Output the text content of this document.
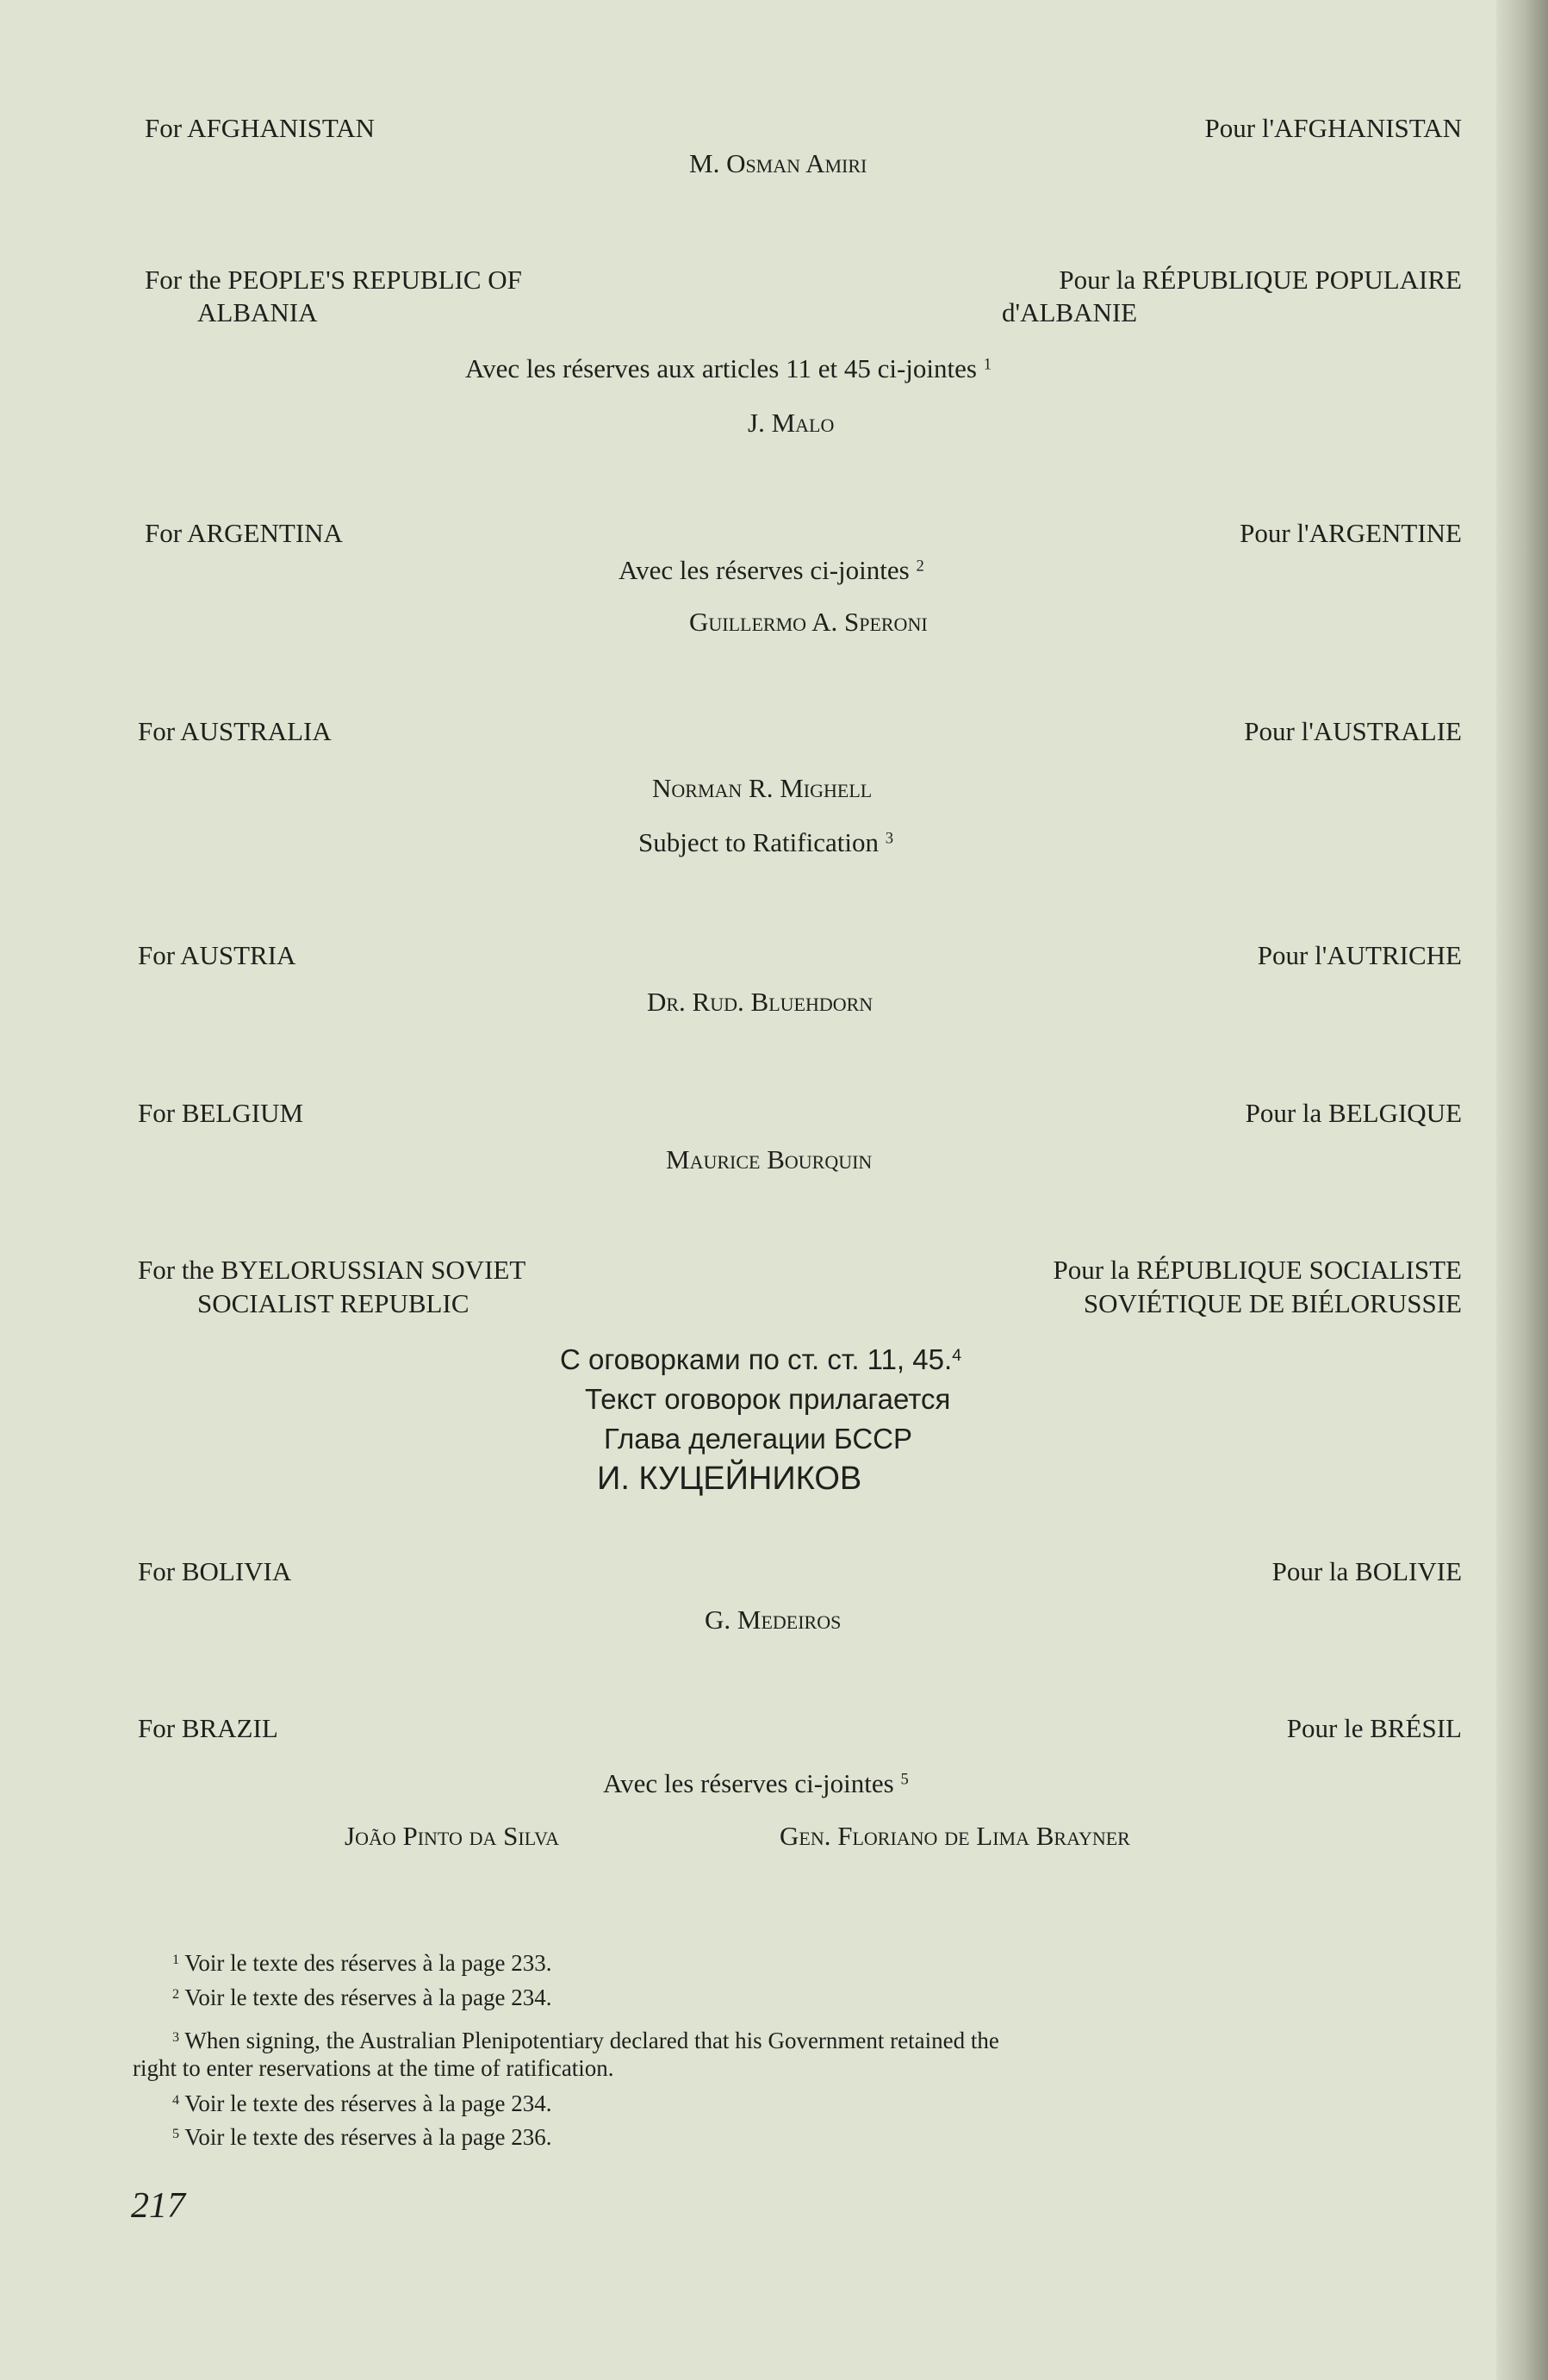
For AFGHANISTAN	Pour l'AFGHANISTAN
M. Osman Amiri
For the PEOPLE'S REPUBLIC OF
ALBANIA
Pour la RÉPUBLIQUE POPULAIRE
d'ALBANIE
Avec les réserves aux articles 11 et 45 ci-jointes $^1$
J. Malo
For ARGENTINA	Pour l'ARGENTINE
Avec les réserves ci-jointes $^2$
Guillermo A. Speroni
For AUSTRALIA	Pour l'AUSTRALIE
Norman R. Mighell
Subject to Ratification $^3$
For AUSTRIA	Pour l'AUTRICHE
Dr. Rud. Bluehdorn
For BELGIUM	Pour la BELGIQUE
Maurice Bourquin
For the BYELORUSSIAN SOVIET
SOCIALIST REPUBLIC
Pour la RÉPUBLIQUE SOCIALISTE
SOVIÉTIQUE DE BIÉLORUSSIE
С оговорками по ст. ст. 11, 45.$^4$
Текст оговорок прилагается
Глава делегации БССР
И. КУЦЕЙНИКОВ
For BOLIVIA	Pour la BOLIVIE
G. Medeiros
For BRAZIL	Pour le BRÉSIL
Avec les réserves ci-jointes $^5$
João Pinto da Silva	Gen. Floriano de Lima Brayner
$^1$ Voir le texte des réserves à la page 233.
$^2$ Voir le texte des réserves à la page 234.
$^3$ When signing, the Australian Plenipotentiary declared that his Government retained the
right to enter reservations at the time of ratification.
$^4$ Voir le texte des réserves à la page 234.
$^5$ Voir le texte des réserves à la page 236.
217
